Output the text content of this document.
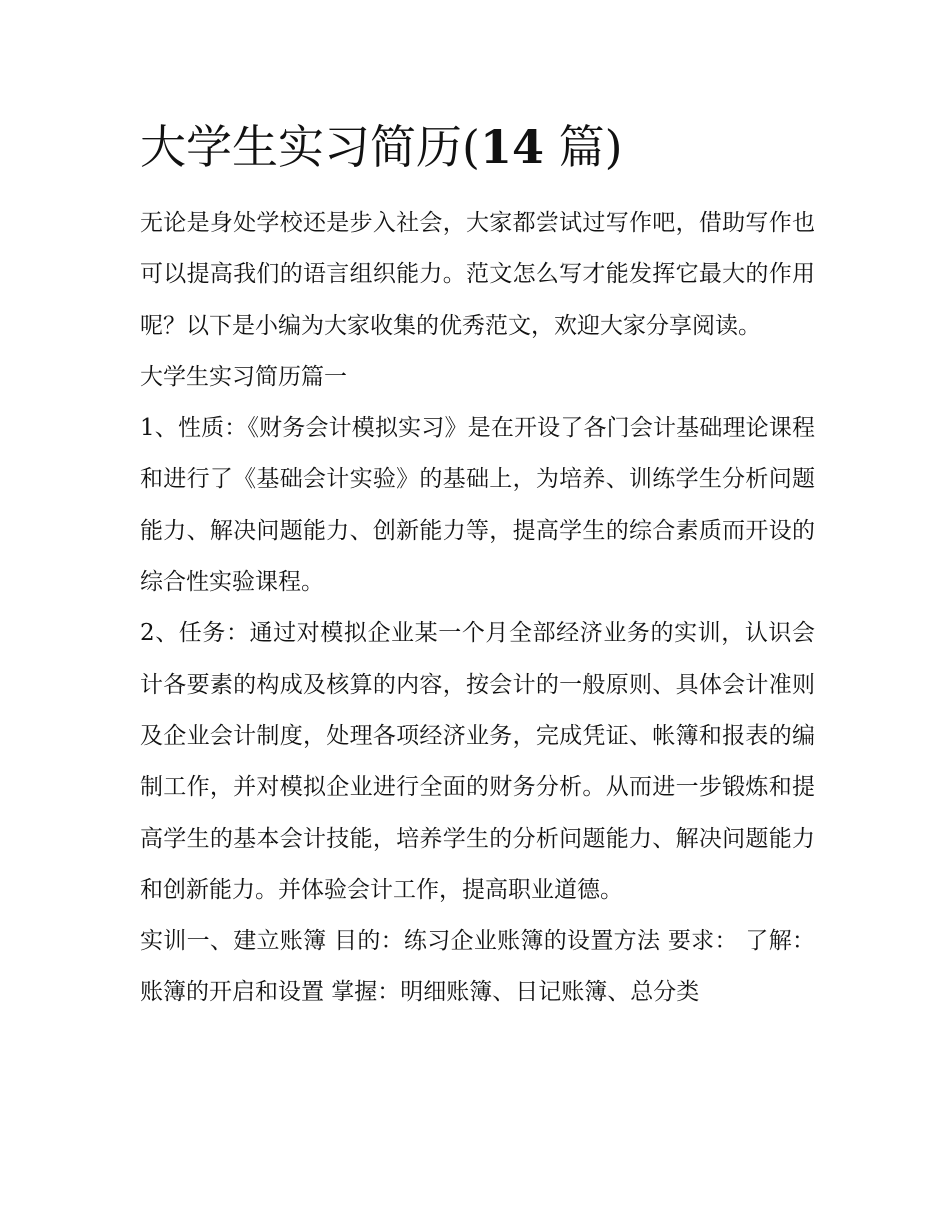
大学生实习简历(14 篇)

无论是身处学校还是步入社会，大家都尝试过写作吧，借助写作也可以提高我们的语言组织能力。范文怎么写才能发挥它最大的作用呢？以下是小编为大家收集的优秀范文，欢迎大家分享阅读。

大学生实习简历篇一

1、性质：《财务会计模拟实习》是在开设了各门会计基础理论课程和进行了《基础会计实验》的基础上，为培养、训练学生分析问题能力、解决问题能力、创新能力等，提高学生的综合素质而开设的综合性实验课程。

2、任务：通过对模拟企业某一个月全部经济业务的实训，认识会计各要素的构成及核算的内容，按会计的一般原则、具体会计准则及企业会计制度，处理各项经济业务，完成凭证、帐簿和报表的编制工作，并对模拟企业进行全面的财务分析。从而进一步锻炼和提高学生的基本会计技能，培养学生的分析问题能力、解决问题能力和创新能力。并体验会计工作，提高职业道德。

实训一、建立账簿 目的：练习企业账簿的设置方法 要求： 了解：账簿的开启和设置 掌握：明细账簿、日记账簿、总分类
